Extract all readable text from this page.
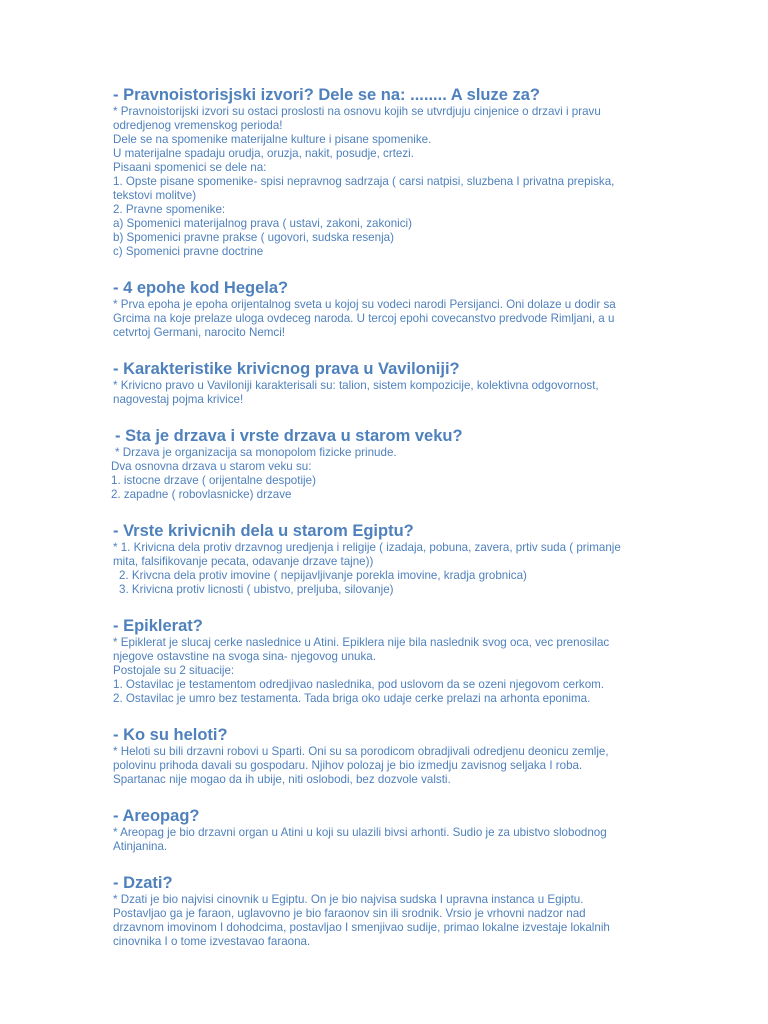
- Pravnoistorisjski izvori? Dele se na: ........ A sluze za?

* Pravnoistorijski izvori su ostaci proslosti na osnovu kojih se utvrdjuju cinjenice o drzavi i pravu
odredjenog vremenskog perioda!
Dele se na spomenike materijalne kulture i pisane spomenike.
U materijalne spadaju orudja, oruzja, nakit, posudje, crtezi.
Pisaani spomenici se dele na:
1. Opste pisane spomenike- spisi nepravnog sadrzaja ( carsi natpisi, sluzbena I privatna prepiska,
tekstovi molitve)
2. Pravne spomenike:
a) Spomenici materijalnog prava ( ustavi, zakoni, zakonici)
b) Spomenici pravne prakse ( ugovori, sudska resenja)
c) Spomenici pravne doctrine

- 4 epohe kod Hegela?

* Prva epoha je epoha orijentalnog sveta u kojoj su vodeci narodi Persijanci. Oni dolaze u dodir sa
Grcima na koje prelaze uloga ovdeceg naroda. U tercoj epohi covecanstvo predvode Rimljani, a u
cetvrtoj Germani, narocito Nemci!

- Karakteristike krivicnog prava u Vaviloniji?

* Krivicno pravo u Vaviloniji karakterisali su: talion, sistem kompozicije, kolektivna odgovornost,
nagovestaj pojma krivice!

- Sta je drzava i vrste drzava u starom veku?

* Drzava je organizacija sa monopolom fizicke prinude.
Dva osnovna drzava u starom veku su:
1. istocne drzave ( orijentalne despotije)
2. zapadne ( robovlasnicke) drzave

- Vrste krivicnih dela u starom Egiptu?

* 1. Krivicna dela protiv drzavnog uredjenja i religije ( izadaja, pobuna, zavera, prtiv suda ( primanje
mita, falsifikovanje pecata, odavanje drzave tajne))
2. Krivcna dela protiv imovine ( nepijavljivanje porekla imovine, kradja grobnica)
3. Krivicna protiv licnosti ( ubistvo, preljuba, silovanje)

- Epiklerat?

* Epiklerat je slucaj cerke naslednice u Atini. Epiklera nije bila naslednik svog oca, vec prenosilac
njegove ostavstine na svoga sina- njegovog unuka.
Postojale su 2 situacije:
1. Ostavilac je testamentom odredjivao naslednika, pod uslovom da se ozeni njegovom cerkom.
2. Ostavilac je umro bez testamenta. Tada briga oko udaje cerke prelazi na arhonta eponima.

- Ko su heloti?

* Heloti su bili drzavni robovi u Sparti. Oni su sa porodicom obradjivali odredjenu deonicu zemlje,
polovinu prihoda davali su gospodaru. Njihov polozaj je bio izmedju zavisnog seljaka I roba.
Spartanac nije mogao da ih ubije, niti oslobodi, bez dozvole valsti.

- Areopag?

* Areopag je bio drzavni organ u Atini u koji su ulazili bivsi arhonti. Sudio je za ubistvo slobodnog
Atinjanina.

- Dzati?

* Dzati je bio najvisi cinovnik u Egiptu. On je bio najvisa sudska I upravna instanca u Egiptu.
Postavljao ga je faraon, uglavovno je bio faraonov sin ili srodnik. Vrsio je vrhovni nadzor nad
drzavnom imovinom I dohodcima, postavljao I smenjivao sudije, primao lokalne izvestaje lokalnih
cinovnika I o tome izvestavao faraona.
